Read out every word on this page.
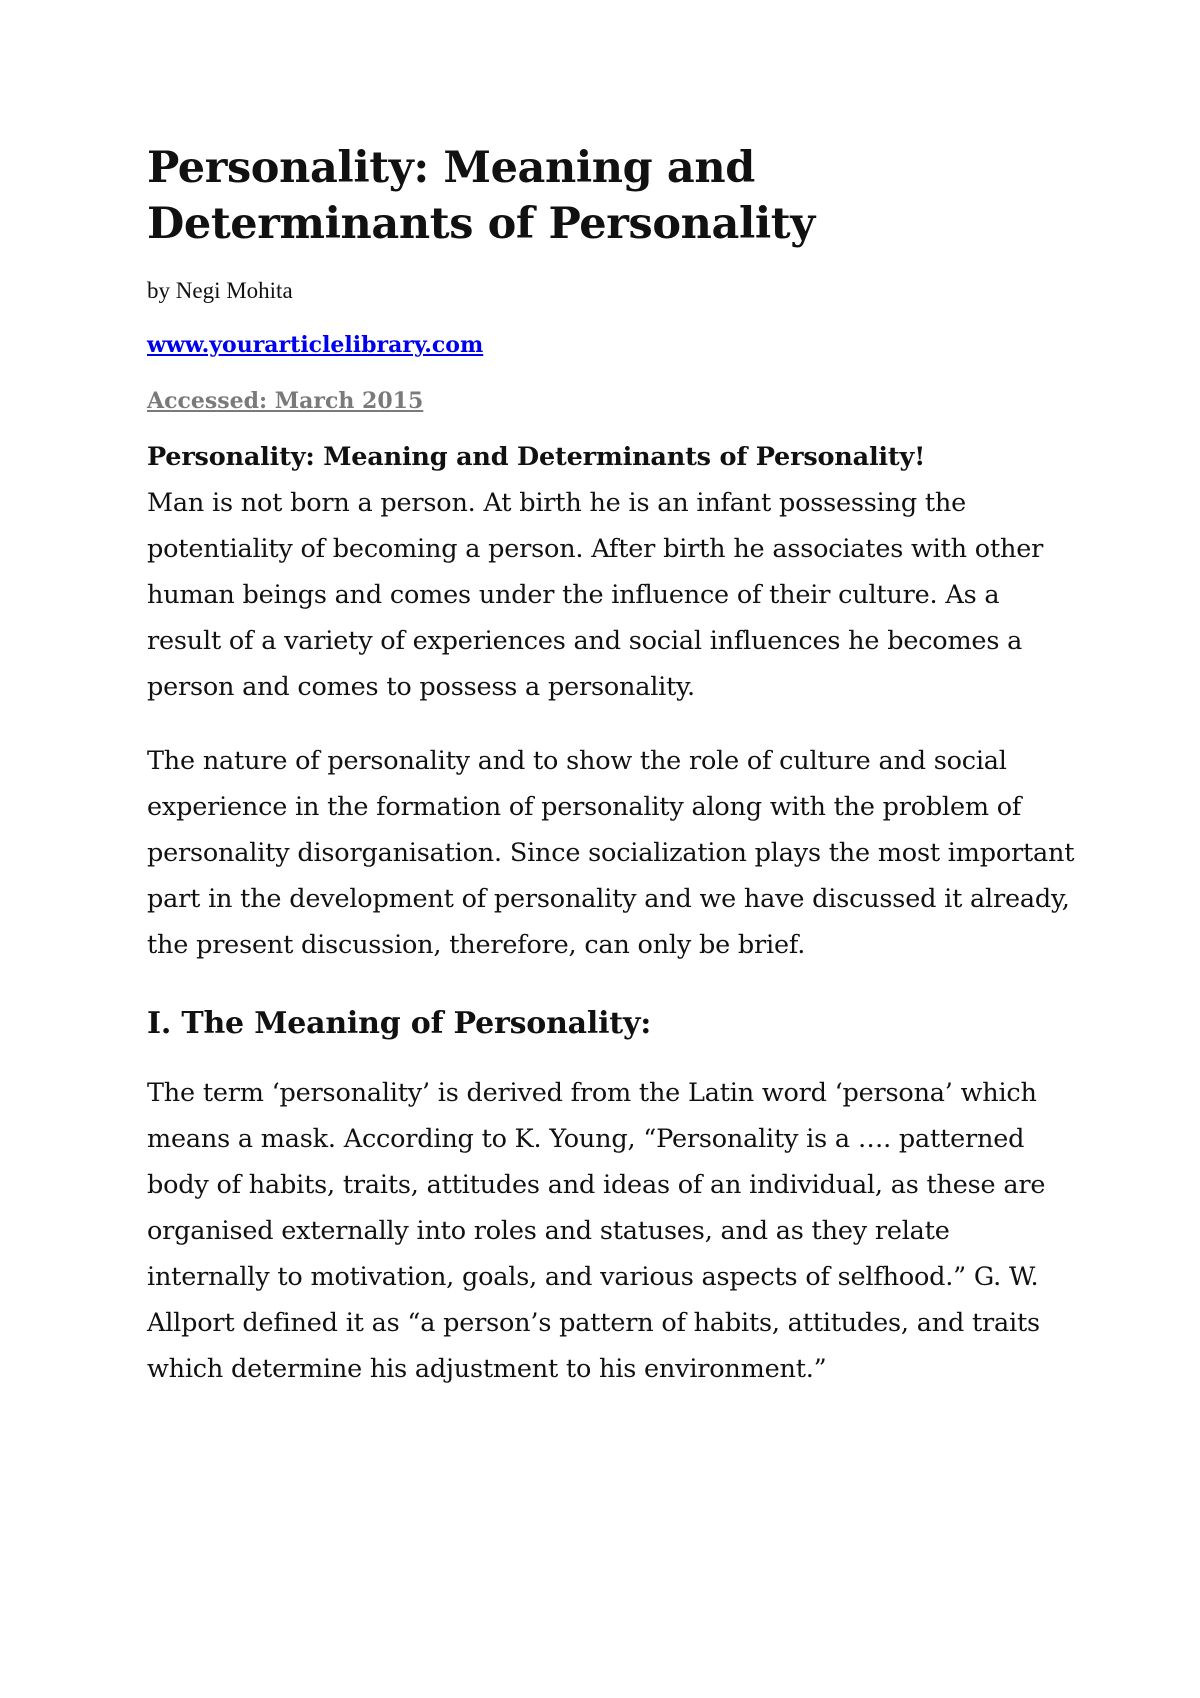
Personality: Meaning and Determinants of Personality
by Negi Mohita
www.yourarticlelibrary.com
Accessed: March 2015

Personality: Meaning and Determinants of Personality!
Man is not born a person. At birth he is an infant possessing the potentiality of becoming a person. After birth he associates with other human beings and comes under the influence of their culture. As a result of a variety of experiences and social influences he becomes a person and comes to possess a personality.

The nature of personality and to show the role of culture and social experience in the formation of personality along with the problem of personality disorganisation. Since socialization plays the most important part in the development of personality and we have discussed it already, the present discussion, therefore, can only be brief.

I. The Meaning of Personality:

The term ‘personality’ is derived from the Latin word ‘persona’ which means a mask. According to K. Young, “Personality is a …. patterned body of habits, traits, attitudes and ideas of an individual, as these are organised externally into roles and statuses, and as they relate internally to motivation, goals, and various aspects of selfhood.” G. W. Allport defined it as “a person’s pattern of habits, attitudes, and traits which determine his adjustment to his environment.”
